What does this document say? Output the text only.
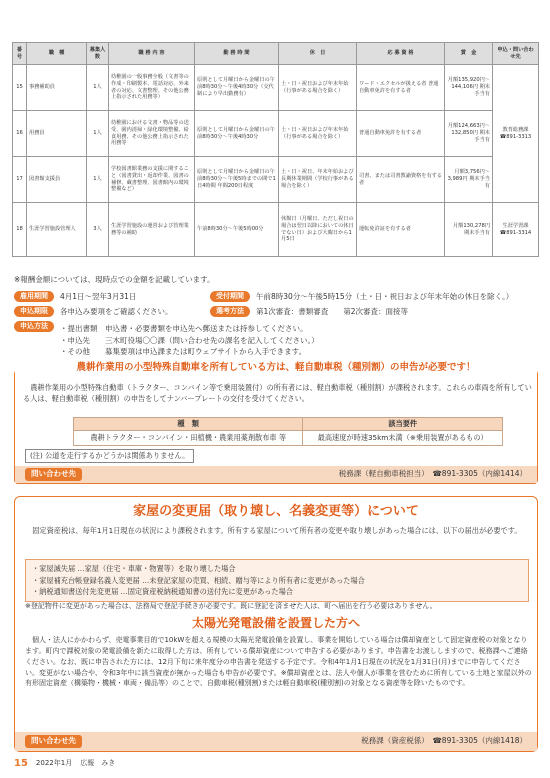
番号	職　種	募集人数	職 務 内 容	勤 務 時 間	休　日	応 募 資 格	賃　金	申込・問い合わせ先
15	事務補助員	1人	幼稚園の一般事務全般（文書等の作成・印刷製本、電話対応、外来者の対応、文書整理、その他公務上指示された用務等）	原則として月曜日から金曜日の午前8時30分～午後4時30分（交代制により早出勤務有）	土・日・祝日および年末年始（行事がある場合を除く）	ワード・エクセルが扱える者 普通自動車免許を有する者	月額135,920円～144,106円 期末手当有	教育総務課 ☎891-3313
16	用務員	1人	幼稚園における文書・物品等の送受、園内清掃・緑化環境整備、給食用務、その他公務上指示された用務等	原則として月曜日から金曜日の午前8時30分～午後4時30分	土・日・祝日および年末年始（行事がある場合を除く）	普通自動車免許を有する者	月額124,663円～132,850円 期末手当有	
17	図書館支援員	1人	学校図書館業務の支援に関すること（図書貸出・返却作業、図書の補修、蔵書整理、図書館内の環境整備など）	原則として月曜日から金曜日の午前8時30分～午後5時までの間で1日4時間 年間200日程度	土・日・祝日、年末年始および長期休業期間（学校行事がある場合を除く）	司書、または司書教諭資格を有する者	月額3,756円～3,989円 期末手当有	
18	生涯学習施設管理人	3人	生涯学習施設の運営および管理業務等の補助	午前8時30分～午後5時00分	休館日（月曜日、ただし祝日の場合は翌日以降においての休日でない日）および大晦日から1月5日	運転免許証を有する者	月額130,278円 期末手当有	生涯学習課 ☎891-3314
※報酬金額については、現時点での金額を記載しています。
雇用期間	4月1日～翌年3月31日	受付期間	午前8時30分～午後5時15分（土・日・祝日および年末年始の休日を除く。）
申込期限	各申込み要項をご確認ください。	選考方法	第1次審査：書類審査　　第2次審査：面接等
申込方法	・提出書類　申込書・必要書類を申込先へ郵送または持参してください。
・申込先　　三木町役場〇〇課（問い合わせ先の課名を記入してください。）
・その他　　募集要項は申込課または町ウェブサイトから入手できます。
農耕作業用の小型特殊自動車を所有している方は、軽自動車税（種別割）の申告が必要です！

農耕作業用の小型特殊自動車（トラクター、コンバイン等で乗用装置付）の所有者には、軽自動車税（種別割）が課税されます。これらの車両を所有している人は、軽自動車税（種別割）の申告をしてナンバープレートの交付を受けてください。

種　類	該当要件
農耕トラクター・コンバイン・田植機・農業用薬剤散布車 等	最高速度が時速35km未満（※乗用装置があるもの）
(注) 公道を走行するかどうかは関係ありません。
問い合わせ先	税務課（軽自動車税担当）　☎891-3305（内線1414）
家屋の変更届（取り壊し、名義変更等）について

固定資産税は、毎年1月1日現在の状況により課税されます。所有する家屋について所有者の変更や取り壊しがあった場合には、以下の届出が必要です。

・家屋滅失届 …家屋（住宅・車庫・物置等）を取り壊した場合
・家屋補充台帳登録名義人変更届 …未登記家屋の売買、相続、贈与等により所有者に変更があった場合
・納税通知書送付先変更届 …固定資産税納税通知書の送付先に変更があった場合
※登記物件に変更があった場合は、法務局で登記手続きが必要です。既に登記を済ませた人は、町へ届出を行う必要はありません。
太陽光発電設備を設置した方へ

個人・法人にかかわらず、売電事業目的で10kWを超える規模の太陽光発電設備を設置し、事業を開始している場合は償却資産として固定資産税の対象となります。町内で課税対象の発電設備を新たに取得した方は、所有している償却資産について申告する必要があります。申告書をお渡ししますので、税務課へご連絡ください。なお、既に申告された方には、12月下旬に来年度分の申告書を発送する予定です。令和4年1月1日現在の状況を1月31日(月)までに申告してください。変更がない場合や、令和3年中に該当資産が無かった場合も申告が必要です。※償却資産とは、法人や個人が事業を営むために所有している土地と家屋以外の有形固定資産（構築物・機械・車両・備品等）のことで、自動車税(種別割)または軽自動車税(種別割)の対象となる資産等を除いたものです。

問い合わせ先	税務課（資産税係）　☎891-3305（内線1418）
15 2022年1月 広報　みき
